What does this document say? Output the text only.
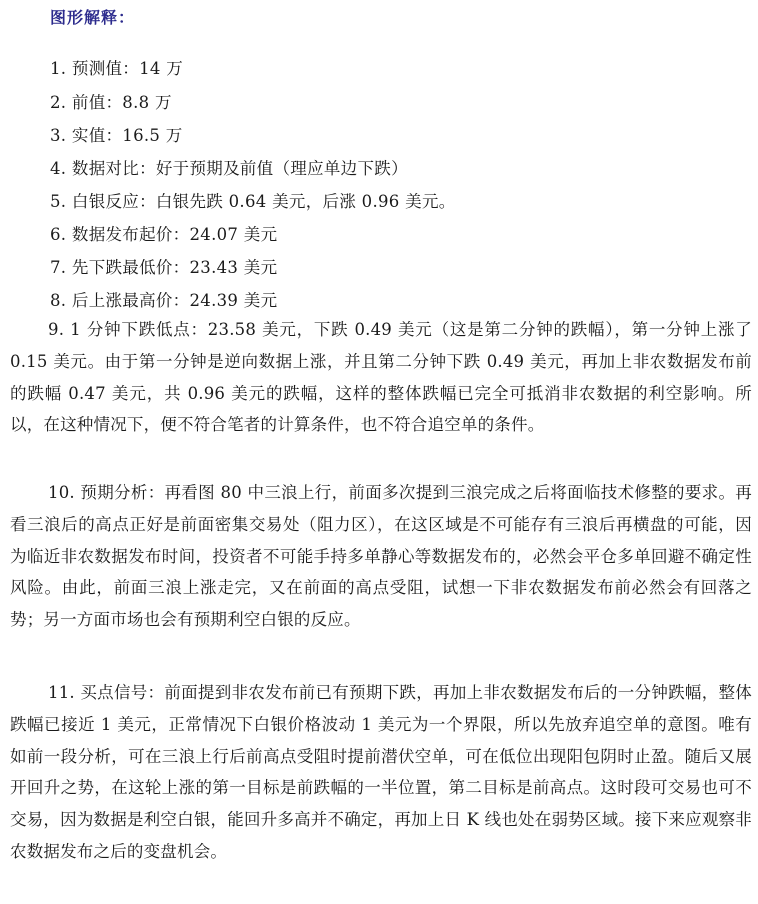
图形解释：
1. 预测值：14 万
2. 前值：8.8 万
3. 实值：16.5 万
4. 数据对比：好于预期及前值（理应单边下跌）
5. 白银反应：白银先跌 0.64 美元，后涨 0.96 美元。
6. 数据发布起价：24.07 美元
7. 先下跌最低价：23.43 美元
8. 后上涨最高价：24.39 美元
9. 1 分钟下跌低点：23.58 美元，下跌 0.49 美元（这是第二分钟的跌幅），第一分钟上涨了 0.15 美元。由于第一分钟是逆向数据上涨，并且第二分钟下跌 0.49 美元，再加上非农数据发布前的跌幅 0.47 美元，共 0.96 美元的跌幅，这样的整体跌幅已完全可抵消非农数据的利空影响。所以，在这种情况下，便不符合笔者的计算条件，也不符合追空单的条件。
10. 预期分析：再看图 80 中三浪上行，前面多次提到三浪完成之后将面临技术修整的要求。再看三浪后的高点正好是前面密集交易处（阻力区），在这区域是不可能存有三浪后再横盘的可能，因为临近非农数据发布时间，投资者不可能手持多单静心等数据发布的，必然会平仓多单回避不确定性风险。由此，前面三浪上涨走完，又在前面的高点受阻，试想一下非农数据发布前必然会有回落之势；另一方面市场也会有预期利空白银的反应。
11. 买点信号：前面提到非农发布前已有预期下跌，再加上非农数据发布后的一分钟跌幅，整体跌幅已接近 1 美元，正常情况下白银价格波动 1 美元为一个界限，所以先放弃追空单的意图。唯有如前一段分析，可在三浪上行后前高点受阻时提前潜伏空单，可在低位出现阳包阴时止盈。随后又展开回升之势，在这轮上涨的第一目标是前跌幅的一半位置，第二目标是前高点。这时段可交易也可不交易，因为数据是利空白银，能回升多高并不确定，再加上日 K 线也处在弱势区域。接下来应观察非农数据发布之后的变盘机会。
